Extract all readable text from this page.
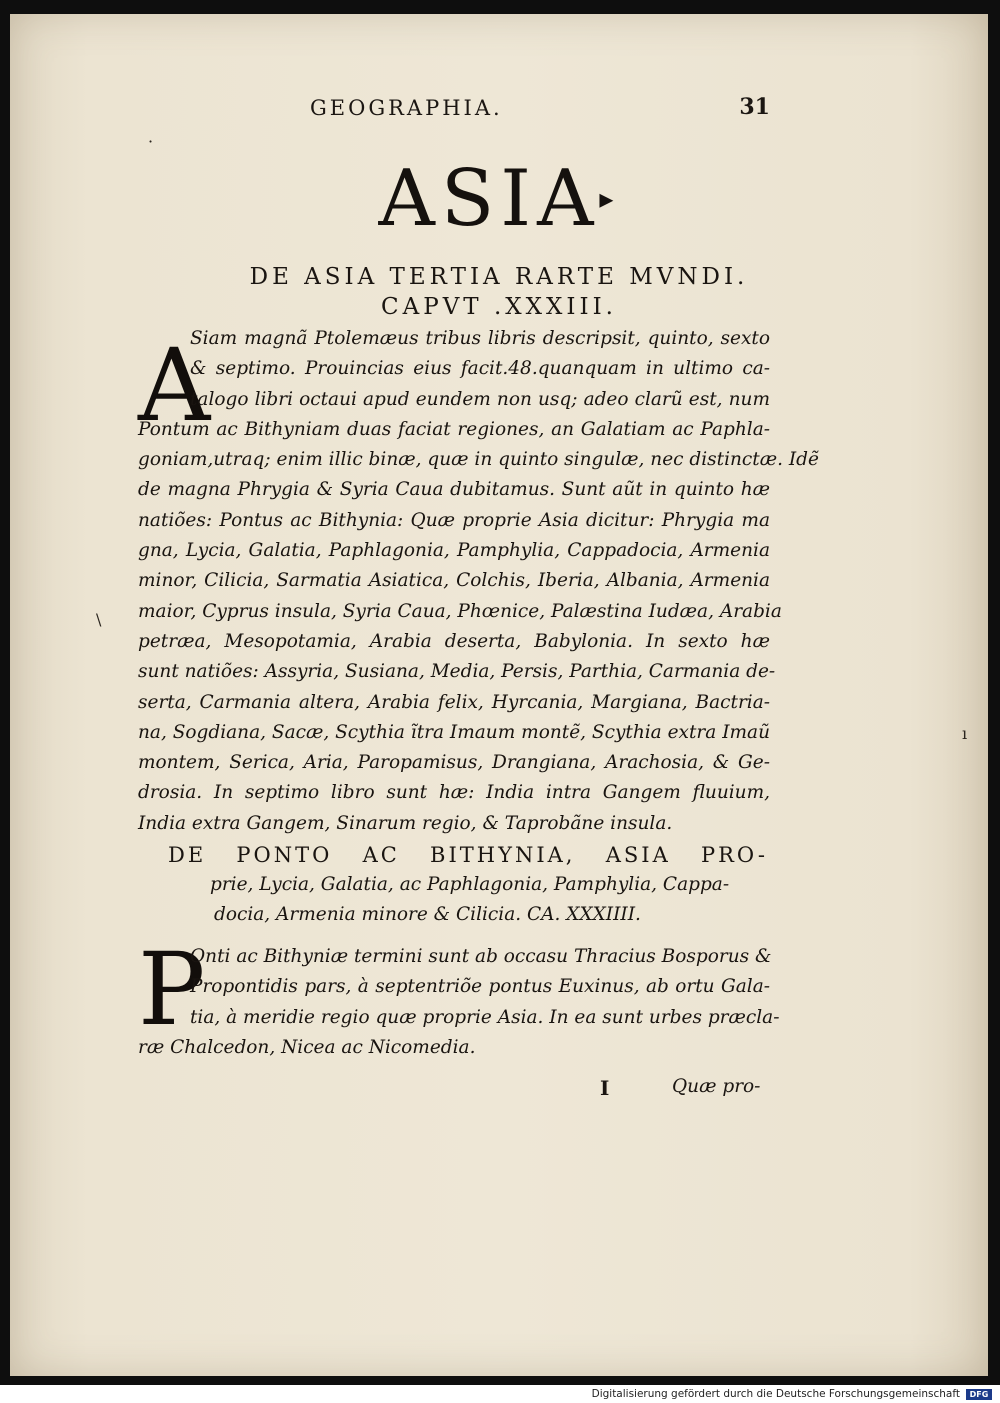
GEOGRAPHIA.	31
ASIA▸
DE ASIA TERTIA RARTE MVNDI.
CAPVT .XXXIII.
A
Siam magnã Ptolemæus tribus libris descripsit, quinto, sexto
& septimo. Prouincias eius facit.48.quanquam in ultimo ca-
talogo libri octaui apud eundem non usq; adeo clarũ est, num
Pontum ac Bithyniam duas faciat regiones, an Galatiam ac Paphla-
goniam,utraq; enim illic binæ, quæ in quinto singulæ, nec distinctæ. Idẽ
de magna Phrygia & Syria Caua dubitamus. Sunt aũt in quinto hæ
natiões: Pontus ac Bithynia: Quæ proprie Asia dicitur: Phrygia ma
gna, Lycia, Galatia, Paphlagonia, Pamphylia, Cappadocia, Armenia
minor, Cilicia, Sarmatia Asiatica, Colchis, Iberia, Albania, Armenia
maior, Cyprus insula, Syria Caua, Phœnice, Palæstina Iudæa, Arabia
petræa, Mesopotamia, Arabia deserta, Babylonia. In sexto hæ
sunt natiões: Assyria, Susiana, Media, Persis, Parthia, Carmania de-
serta, Carmania altera, Arabia felix, Hyrcania, Margiana, Bactria-
na, Sogdiana, Sacæ, Scythia ĩtra Imaum montẽ, Scythia extra Imaũ
montem, Serica, Aria, Paropamisus, Drangiana, Arachosia, & Ge-
drosia. In septimo libro sunt hæ: India intra Gangem fluuium,
India extra Gangem, Sinarum regio, & Taprobãne insula.
DE PONTO AC BITHYNIA, ASIA PRO-
prie, Lycia, Galatia, ac Paphlagonia, Pamphylia, Cappa-
docia, Armenia minore & Cilicia. CA. XXXIIII.
P
Onti ac Bithyniæ termini sunt ab occasu Thracius Bosporus &
Propontidis pars, à septentriõe pontus Euxinus, ab ortu Gala-
tia, à meridie regio quæ proprie Asia. In ea sunt urbes præcla-
ræ Chalcedon, Nicea ac Nicomedia.
I	Quæ pro-
·
\
ı
Digitalisierung gefördert durch die Deutsche Forschungsgemeinschaft	DFG
